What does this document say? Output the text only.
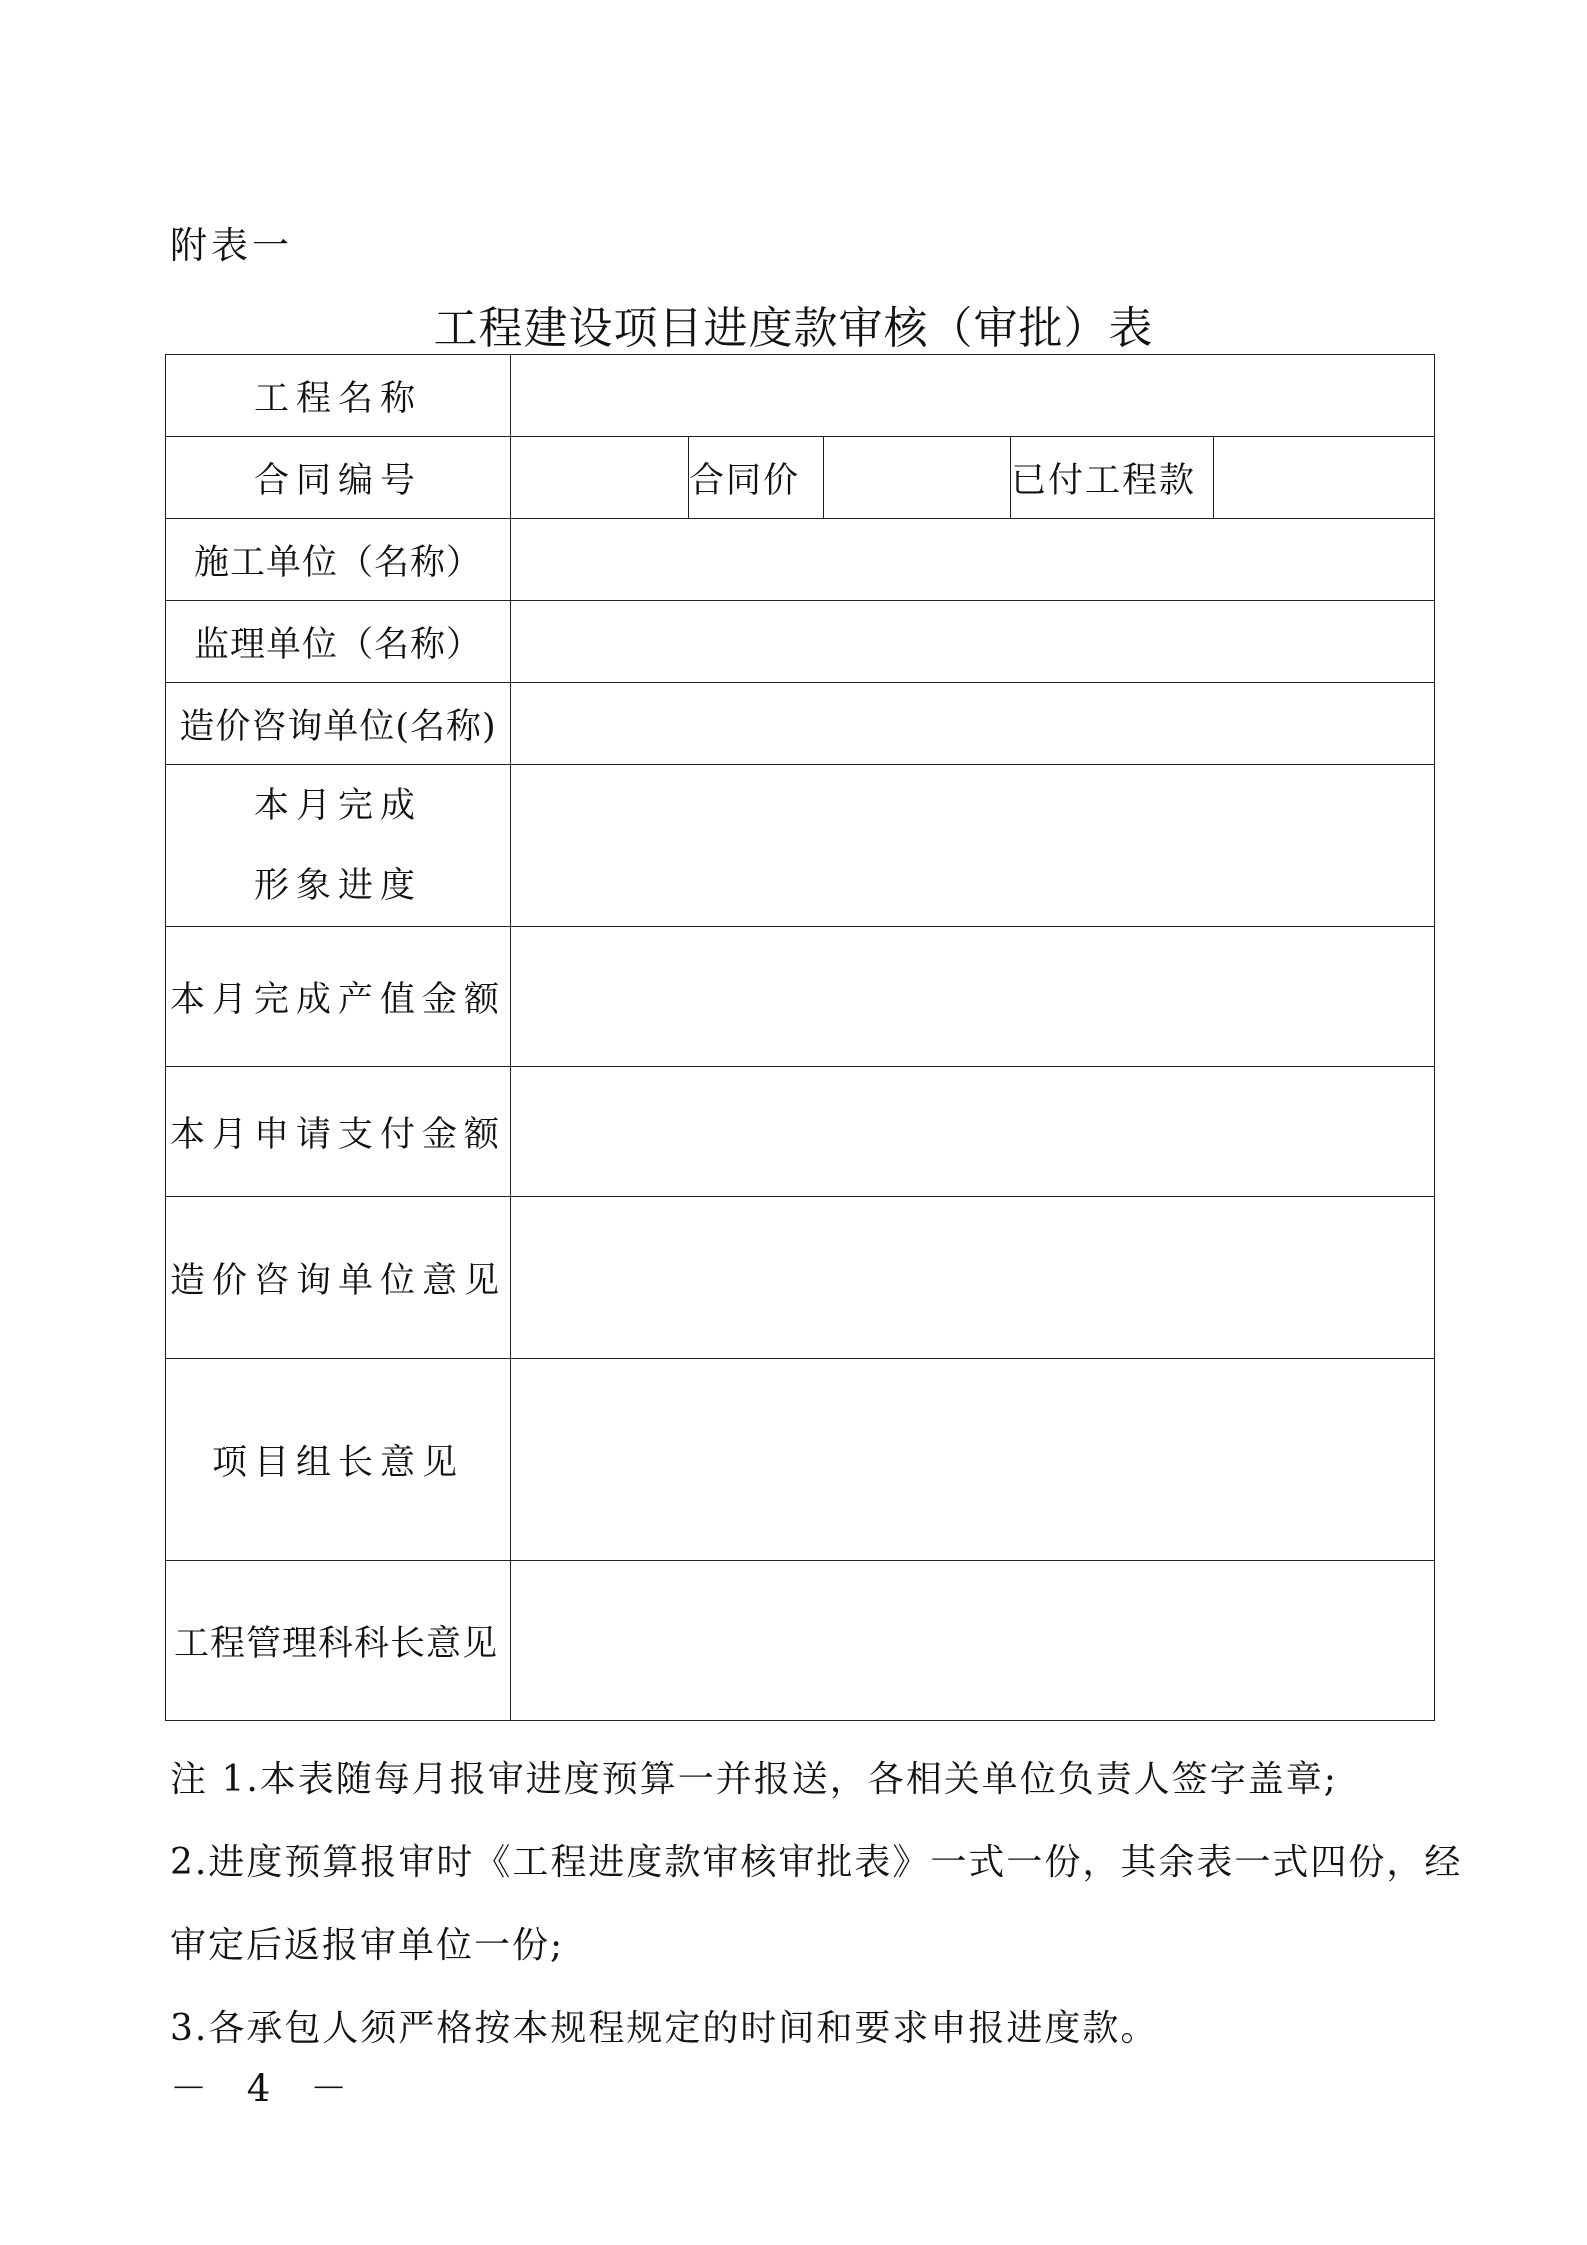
附表一
工程建设项目进度款审核（审批）表
工程名称					
合同编号		合同价		已付工程款	
施工单位（名称）					
监理单位（名称）					
造价咨询单位(名称)					

本月完成
形象进度					

本月完成产值金额					
本月申请支付金额					
造价咨询单位意见					
项目组长意见					
工程管理科科长意见					

注 1.本表随每月报审进度预算一并报送，各相关单位负责人签字盖章;

2.进度预算报审时《工程进度款审核审批表》一式一份，其余表一式四份，经

审定后返报审单位一份;

3.各承包人须严格按本规程规定的时间和要求申报进度款。

－ 4 －
